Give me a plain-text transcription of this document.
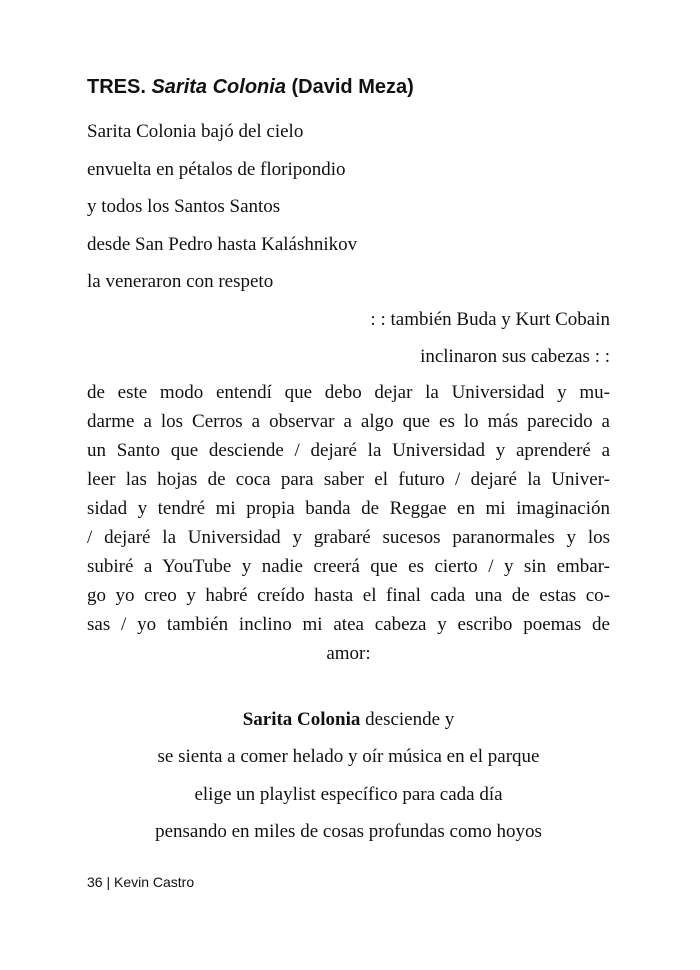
TRES. Sarita Colonia (David Meza)
Sarita Colonia bajó del cielo
envuelta en pétalos de floripondio
y todos los Santos Santos
desde San Pedro hasta Kaláshnikov
la veneraron con respeto
: : también Buda y Kurt Cobain
inclinaron sus cabezas : :
de este modo entendí que debo dejar la Universidad y mu-
darme a los Cerros a observar a algo que es lo más parecido a
un Santo que desciende / dejaré la Universidad y aprenderé a
leer las hojas de coca para saber el futuro / dejaré la Univer-
sidad y tendré mi propia banda de Reggae en mi imaginación
/ dejaré la Universidad y grabaré sucesos paranormales y los
subiré a YouTube y nadie creerá que es cierto / y sin embar-
go yo creo y habré creído hasta el final cada una de estas co-
sas / yo también inclino mi atea cabeza y escribo poemas de
amor:
Sarita Colonia desciende y
se sienta a comer helado y oír música en el parque
elige un playlist específico para cada día
pensando en miles de cosas profundas como hoyos
36 | Kevin Castro
